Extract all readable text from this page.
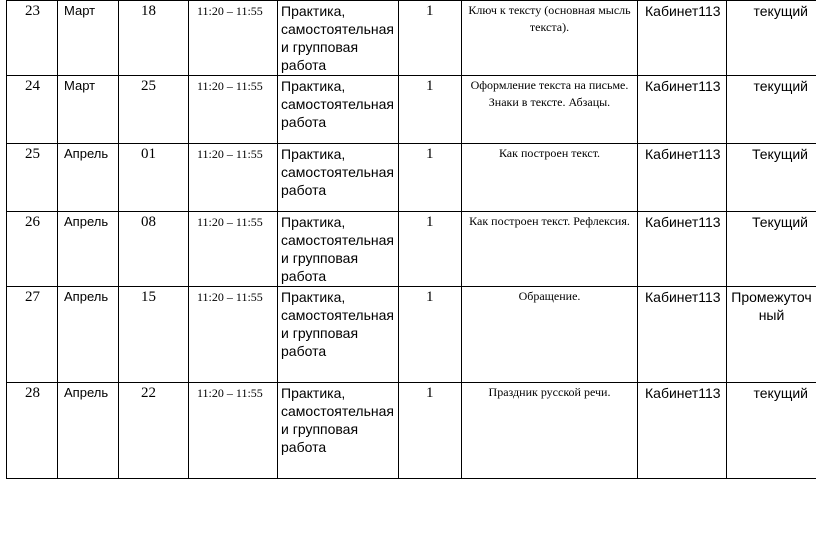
23	Март	18	11:20 – 11:55	Практика, самостоятельная и групповая работа	1	Ключ к тексту (основная мысль текста).	Кабинет113	текущий
24	Март	25	11:20 – 11:55	Практика, самостоятельная работа	1	Оформление текста на письме. Знаки в тексте. Абзацы.	Кабинет113	текущий
25	Апрель	01	11:20 – 11:55	Практика, самостоятельная работа	1	Как построен текст.	Кабинет113	Текущий
26	Апрель	08	11:20 – 11:55	Практика, самостоятельная и групповая работа	1	Как построен текст. Рефлексия.	Кабинет113	Текущий
27	Апрель	15	11:20 – 11:55	Практика, самостоятельная и групповая работа	1	Обращение.	Кабинет113	Промежуточный
28	Апрель	22	11:20 – 11:55	Практика, самостоятельная и групповая работа	1	Праздник русской речи.	Кабинет113	текущий
